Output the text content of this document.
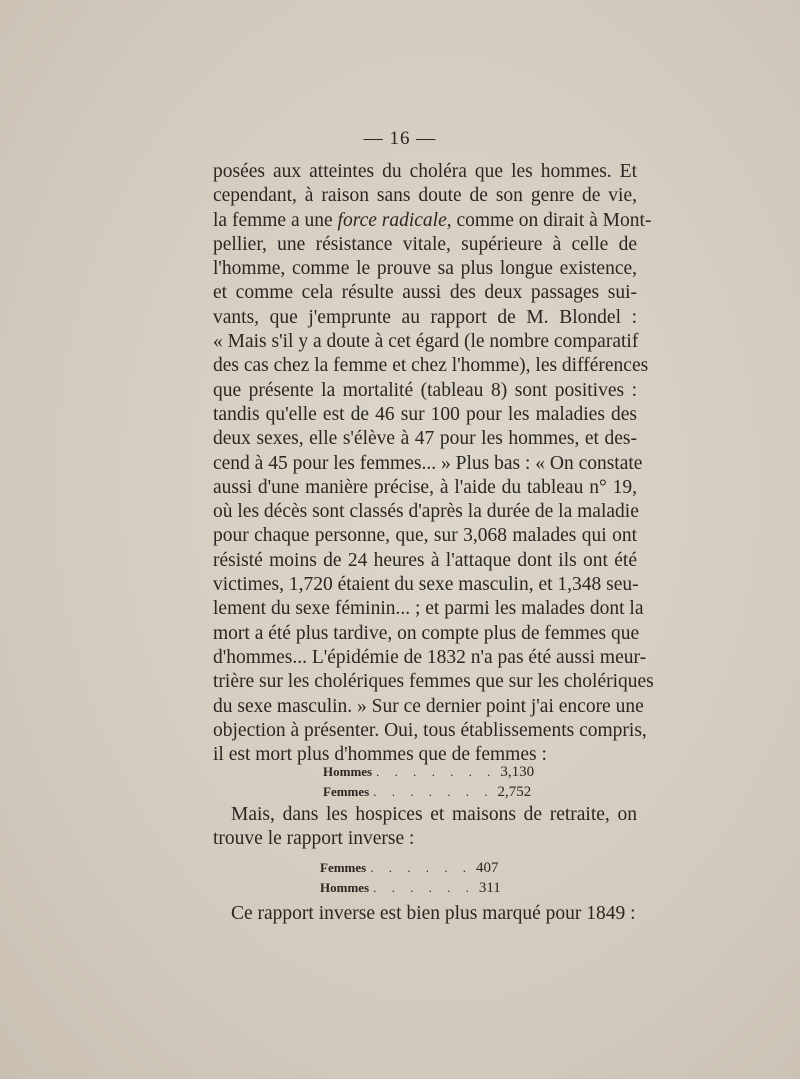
— 16 —
posées aux atteintes du choléra que les hommes. Et
cependant, à raison sans doute de son genre de vie,
la femme a une force radicale, comme on dirait à Mont-
pellier, une résistance vitale, supérieure à celle de
l'homme, comme le prouve sa plus longue existence,
et comme cela résulte aussi des deux passages sui-
vants, que j'emprunte au rapport de M. Blondel :
« Mais s'il y a doute à cet égard (le nombre comparatif
des cas chez la femme et chez l'homme), les différences
que présente la mortalité (tableau 8) sont positives :
tandis qu'elle est de 46 sur 100 pour les maladies des
deux sexes, elle s'élève à 47 pour les hommes, et des-
cend à 45 pour les femmes... » Plus bas : « On constate
aussi d'une manière précise, à l'aide du tableau n° 19,
où les décès sont classés d'après la durée de la maladie
pour chaque personne, que, sur 3,068 malades qui ont
résisté moins de 24 heures à l'attaque dont ils ont été
victimes, 1,720 étaient du sexe masculin, et 1,348 seu-
lement du sexe féminin... ; et parmi les malades dont la
mort a été plus tardive, on compte plus de femmes que
d'hommes... L'épidémie de 1832 n'a pas été aussi meur-
trière sur les cholériques femmes que sur les cholériques
du sexe masculin. » Sur ce dernier point j'ai encore une
objection à présenter. Oui, tous établissements compris,
il est mort plus d'hommes que de femmes :
Hommes . . . . . . . 3,130
Femmes . . . . . . . 2,752
Mais, dans les hospices et maisons de retraite, on
trouve le rapport inverse :
Femmes . . . . . . 407
Hommes . . . . . . 311
Ce rapport inverse est bien plus marqué pour 1849 :
